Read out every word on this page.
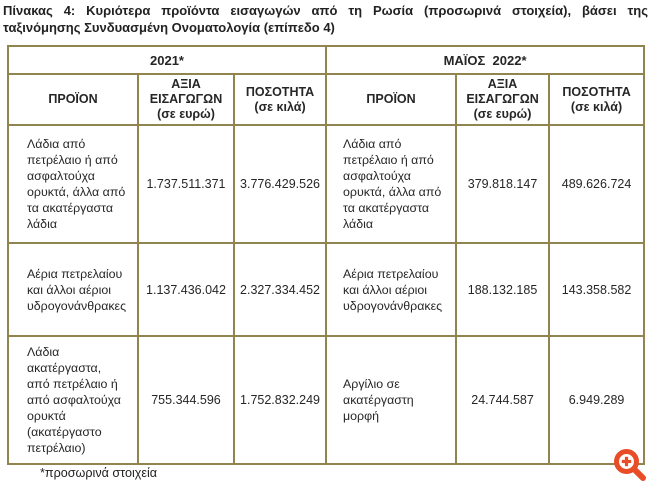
Πίνακας 4: Κυριότερα προϊόντα εισαγωγών από τη Ρωσία (προσωρινά στοιχεία), βάσει της ταξινόμησης Συνδυασμένη Ονοματολογία (επίπεδο 4)
2021*			ΜΑΪΟΣ  2022*		
ΠΡΟΪΟΝ	ΑΞΙΑ ΕΙΣΑΓΩΓΩΝ (σε ευρώ)	ΠΟΣΟΤΗΤΑ (σε κιλά)	ΠΡΟΪΟΝ	ΑΞΙΑ ΕΙΣΑΓΩΓΩΝ (σε ευρώ)	ΠΟΣΟΤΗΤΑ (σε κιλά)
Λάδια από πετρέλαιο ή από ασφαλτούχα ορυκτά, άλλα από τα ακατέργαστα λάδια	1.737.511.371	3.776.429.526	Λάδια από πετρέλαιο ή από ασφαλτούχα ορυκτά, άλλα από τα ακατέργαστα λάδια	379.818.147	489.626.724
Αέρια πετρελαίου και άλλοι αέριοι υδρογονάνθρακες	1.137.436.042	2.327.334.452	Αέρια πετρελαίου και άλλοι αέριοι υδρογονάνθρακες	188.132.185	143.358.582
Λάδια ακατέργαστα, από πετρέλαιο ή από ασφαλτούχα ορυκτά (ακατέργαστο πετρέλαιο)	755.344.596	1.752.832.249	Αργίλιο σε ακατέργαστη μορφή	24.744.587	6.949.289
*προσωρινά στοιχεία
